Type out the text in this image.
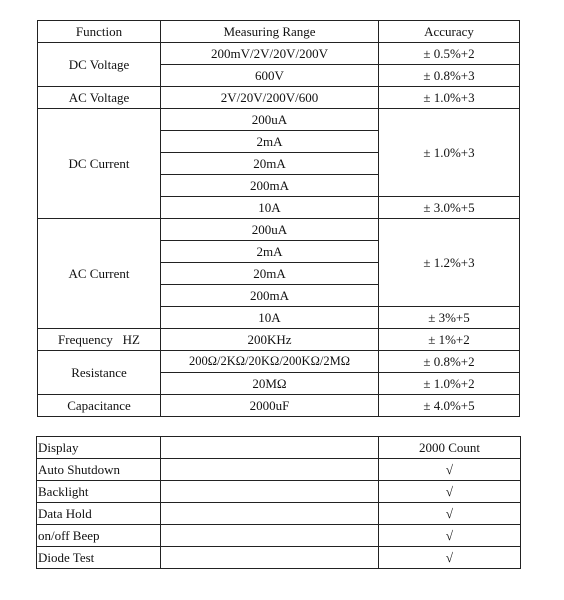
Function	Measuring Range	Accuracy
DC Voltage	200mV/2V/20V/200V	± 0.5%+2
	600V	± 0.8%+3
AC Voltage	2V/20V/200V/600	± 1.0%+3
DC Current	200uA	± 1.0%+3
	2mA	
	20mA	
	200mA	
	10A	± 3.0%+5
AC Current	200uA	± 1.2%+3
	2mA	
	20mA	
	200mA	
	10A	± 3%+5
Frequency   HZ	200KHz	± 1%+2
Resistance	200Ω/2KΩ/20KΩ/200KΩ/2MΩ	± 0.8%+2
	20MΩ	± 1.0%+2
Capacitance	2000uF	± 4.0%+5
Display		2000 Count
Auto Shutdown		√
Backlight		√
Data Hold		√
on/off Beep		√
Diode Test		√
